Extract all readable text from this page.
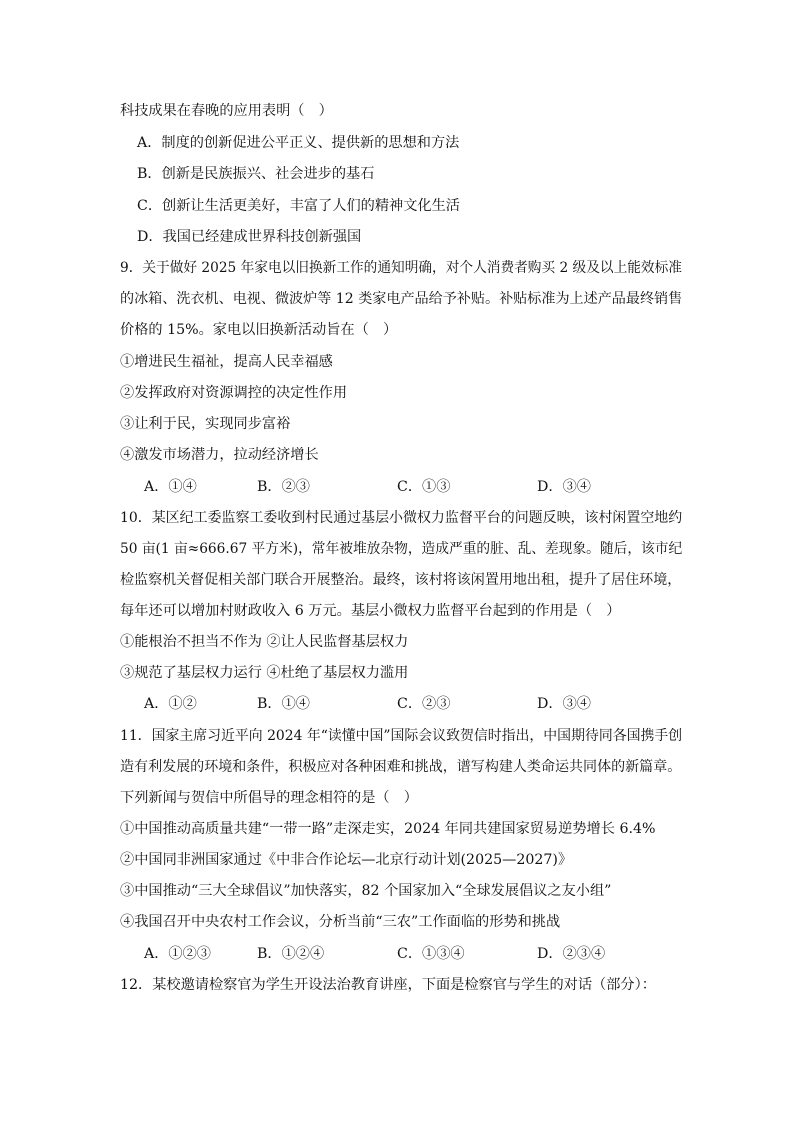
科技成果在春晚的应用表明（　）
A．制度的创新促进公平正义、提供新的思想和方法
B．创新是民族振兴、社会进步的基石
C．创新让生活更美好，丰富了人们的精神文化生活
D．我国已经建成世界科技创新强国
9．关于做好 2025 年家电以旧换新工作的通知明确，对个人消费者购买 2 级及以上能效标准
的冰箱、洗衣机、电视、微波炉等 12 类家电产品给予补贴。补贴标准为上述产品最终销售
价格的 15%。家电以旧换新活动旨在（　）
①增进民生福祉，提高人民幸福感
②发挥政府对资源调控的决定性作用
③让利于民，实现同步富裕
④激发市场潜力，拉动经济增长
A．①④	B．②③	C．①③	D．③④
10．某区纪工委监察工委收到村民通过基层小微权力监督平台的问题反映，该村闲置空地约
50 亩(1 亩≈666.67 平方米)，常年被堆放杂物，造成严重的脏、乱、差现象。随后，该市纪
检监察机关督促相关部门联合开展整治。最终，该村将该闲置用地出租，提升了居住环境，
每年还可以增加村财政收入 6 万元。基层小微权力监督平台起到的作用是（　）
①能根治不担当不作为 ②让人民监督基层权力
③规范了基层权力运行 ④杜绝了基层权力滥用
A．①②	B．①④	C．②③	D．③④
11．国家主席习近平向 2024 年“读懂中国”国际会议致贺信时指出，中国期待同各国携手创
造有利发展的环境和条件，积极应对各种困难和挑战，谱写构建人类命运共同体的新篇章。
下列新闻与贺信中所倡导的理念相符的是（　）
①中国推动高质量共建“一带一路”走深走实，2024 年同共建国家贸易逆势增长 6.4%
②中国同非洲国家通过《中非合作论坛—北京行动计划(2025—2027)》
③中国推动“三大全球倡议”加快落实，82 个国家加入“全球发展倡议之友小组”
④我国召开中央农村工作会议，分析当前“三农”工作面临的形势和挑战
A．①②③	B．①②④	C．①③④	D．②③④
12．某校邀请检察官为学生开设法治教育讲座，下面是检察官与学生的对话（部分）：
